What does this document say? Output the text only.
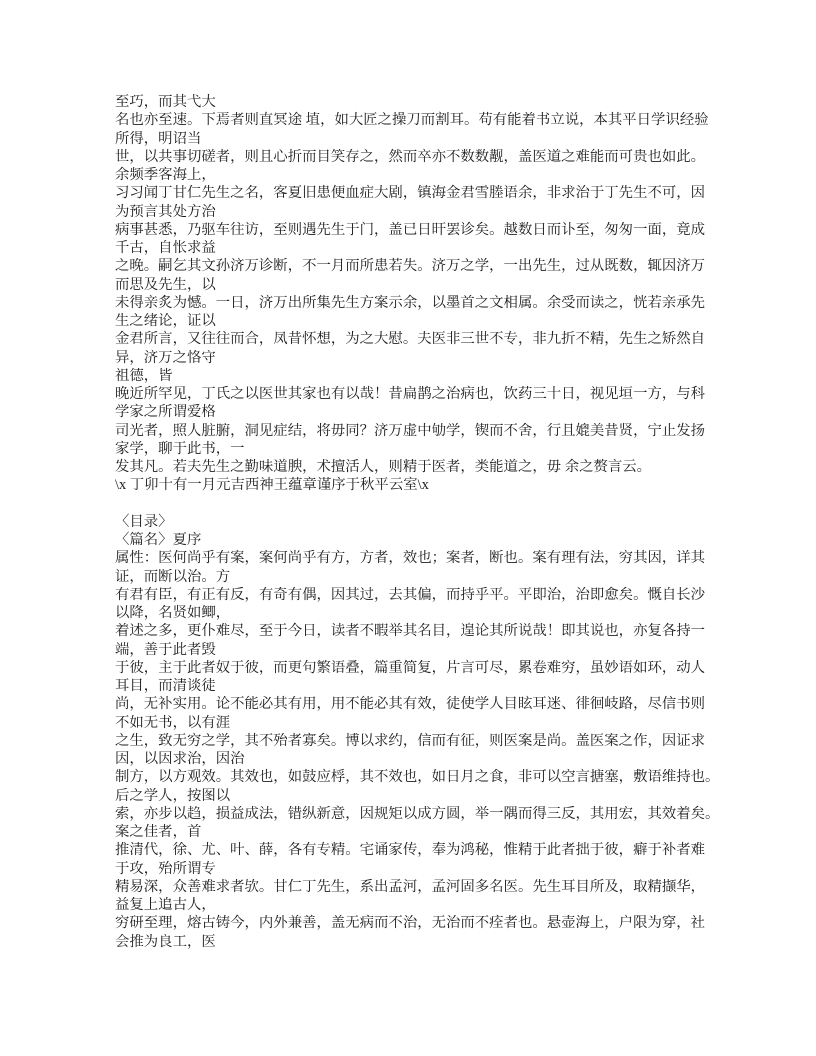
至巧，而其弋大
名也亦至速。下焉者则直冥途 埴，如大匠之操刀而割耳。苟有能着书立说，本其平日学识经验
所得，明诏当
世，以共事切磋者，则且心折而目笑存之，然而卒亦不数数觏，盖医道之难能而可贵也如此。
余频季客海上，
习习闻丁甘仁先生之名，客夏旧患便血症大剧，镇海金君雪塍语余，非求治于丁先生不可，因
为预言其处方治
病事甚悉，乃驱车往访，至则遇先生于门，盖已日旰罢诊矣。越数日而讣至，匆匆一面，竟成
千古，自怅求益
之晚。嗣乞其文孙济万诊断，不一月而所患若失。济万之学，一出先生，过从既数，辄因济万
而思及先生，以
未得亲炙为憾。一日，济万出所集先生方案示余，以墨首之文相属。余受而读之，恍若亲承先
生之绪论，证以
金君所言，又往往而合，凤昔怀想，为之大慰。夫医非三世不专，非九折不精，先生之矫然自
异，济万之恪守
祖德，皆
晚近所罕见，丁氏之以医世其家也有以哉！昔扁鹊之治病也，饮药三十日，视见垣一方，与科
学家之所谓爱格
司光者，照人脏腑，洞见症结，将毋同？济万虚中劬学，锲而不舍，行且媲美昔贤，宁止发扬
家学，聊于此书，一
发其凡。若夫先生之勤味道腴，术擅活人，则精于医者，类能道之，毋 余之赘言云。
\x 丁卯十有一月元吉西神王蕴章谨序于秋平云室\x

〈目录〉
〈篇名〉夏序
属性：医何尚乎有案，案何尚乎有方，方者，效也；案者，断也。案有理有法，穷其因，详其
证，而断以治。方
有君有臣，有正有反，有奇有偶，因其过，去其偏，而持乎平。平即治，治即愈矣。慨自长沙
以降，名贤如鲫，
着述之多，更仆难尽，至于今日，读者不暇举其名目，遑论其所说哉！即其说也，亦复各持一
端，善于此者毁
于彼，主于此者奴于彼，而更句繁语叠，篇重简复，片言可尽，累卷难穷，虽妙语如环，动人
耳目，而清谈徒
尚，无补实用。论不能必其有用，用不能必其有效，徒使学人目眩耳迷、徘徊岐路，尽信书则
不如无书，以有涯
之生，致无穷之学，其不殆者寡矣。博以求约，信而有征，则医案是尚。盖医案之作，因证求
因，以因求治，因治
制方，以方观效。其效也，如鼓应桴，其不效也，如日月之食，非可以空言搪塞，敷语维持也。
后之学人，按图以
索，亦步以趋，损益成法，错纵新意，因规矩以成方圆，举一隅而得三反，其用宏，其效着矣。
案之佳者，首
推清代，徐、尤、叶、薛，各有专精。宅诵家传，奉为鸿秘，惟精于此者拙于彼，癖于补者难
于攻，殆所谓专
精易深，众善难求者欤。甘仁丁先生，系出孟河，孟河固多名医。先生耳目所及，取精撷华，
益复上追古人，
穷研至理，熔古铸今，内外兼善，盖无病而不治，无治而不痊者也。悬壶海上，户限为穿，社
会推为良工，医
